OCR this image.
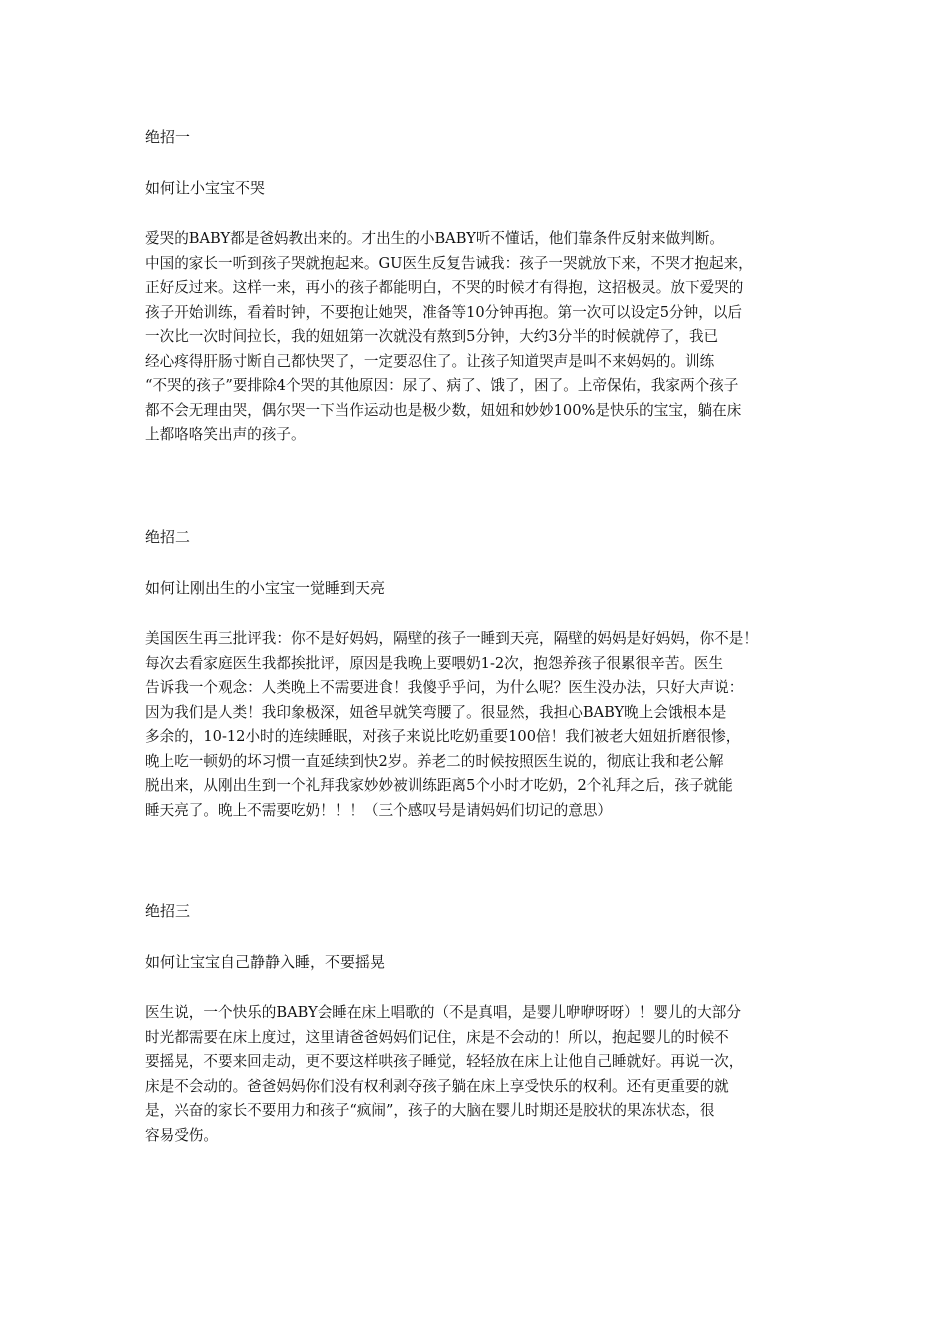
绝招一

如何让小宝宝不哭

爱哭的BABY都是爸妈教出来的。才出生的小BABY听不懂话，他们靠条件反射来做判断。
中国的家长一听到孩子哭就抱起来。GU医生反复告诫我：孩子一哭就放下来，不哭才抱起来，
正好反过来。这样一来，再小的孩子都能明白，不哭的时候才有得抱，这招极灵。放下爱哭的
孩子开始训练，看着时钟，不要抱让她哭，准备等10分钟再抱。第一次可以设定5分钟，以后
一次比一次时间拉长，我的妞妞第一次就没有熬到5分钟，大约3分半的时候就停了，我已
经心疼得肝肠寸断自己都快哭了，一定要忍住了。让孩子知道哭声是叫不来妈妈的。训练
“不哭的孩子”要排除4个哭的其他原因：尿了、病了、饿了，困了。上帝保佑，我家两个孩子
都不会无理由哭，偶尔哭一下当作运动也是极少数，妞妞和妙妙100%是快乐的宝宝，躺在床
上都咯咯笑出声的孩子。

绝招二

如何让刚出生的小宝宝一觉睡到天亮

美国医生再三批评我：你不是好妈妈，隔壁的孩子一睡到天亮，隔壁的妈妈是好妈妈，你不是！
每次去看家庭医生我都挨批评，原因是我晚上要喂奶1-2次，抱怨养孩子很累很辛苦。医生
告诉我一个观念：人类晚上不需要进食！我傻乎乎问，为什么呢？医生没办法，只好大声说：
因为我们是人类！我印象极深，妞爸早就笑弯腰了。很显然，我担心BABY晚上会饿根本是
多余的，10-12小时的连续睡眠，对孩子来说比吃奶重要100倍！我们被老大妞妞折磨很惨，
晚上吃一顿奶的坏习惯一直延续到快2岁。养老二的时候按照医生说的，彻底让我和老公解
脱出来，从刚出生到一个礼拜我家妙妙被训练距离5个小时才吃奶，2个礼拜之后，孩子就能
睡天亮了。晚上不需要吃奶！！！（三个感叹号是请妈妈们切记的意思）

绝招三

如何让宝宝自己静静入睡，不要摇晃

医生说，一个快乐的BABY会睡在床上唱歌的（不是真唱，是婴儿咿咿呀呀）！婴儿的大部分
时光都需要在床上度过，这里请爸爸妈妈们记住，床是不会动的！所以，抱起婴儿的时候不
要摇晃，不要来回走动，更不要这样哄孩子睡觉，轻轻放在床上让他自己睡就好。再说一次，
床是不会动的。爸爸妈妈你们没有权利剥夺孩子躺在床上享受快乐的权利。还有更重要的就
是，兴奋的家长不要用力和孩子“疯闹”，孩子的大脑在婴儿时期还是胶状的果冻状态，很
容易受伤。
